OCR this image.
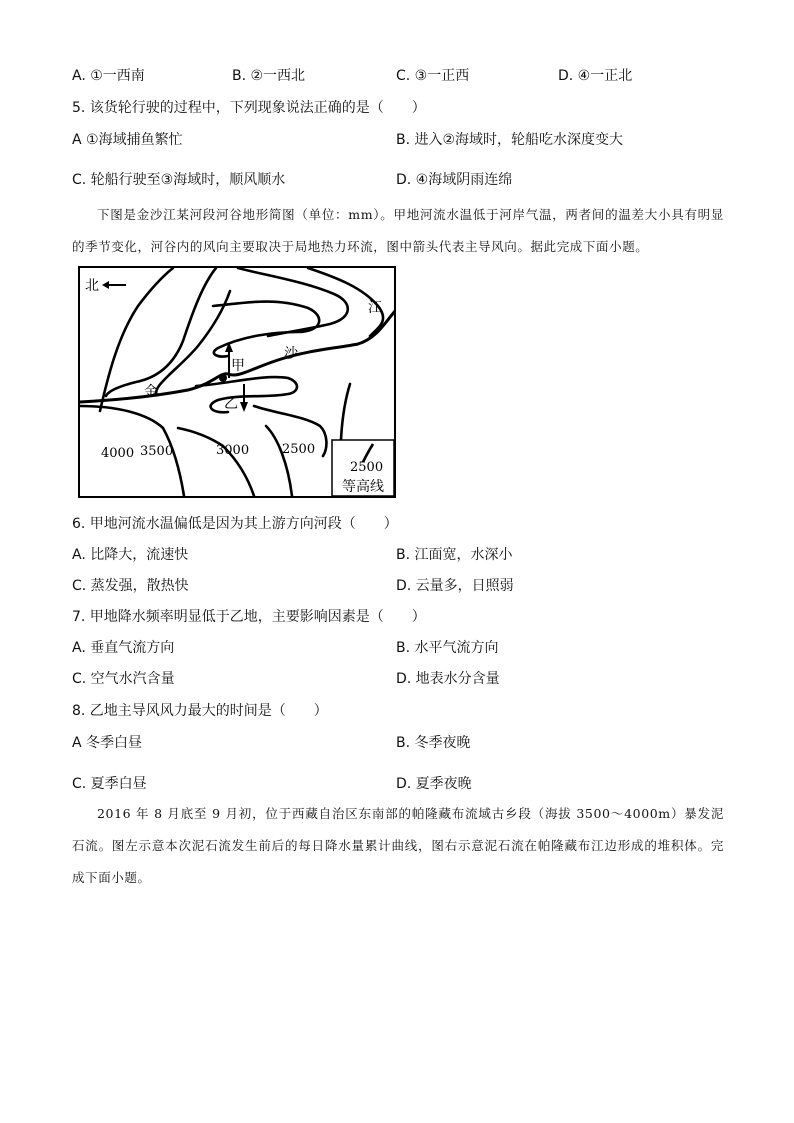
A. ①一西南	B. ②一西北	C. ③一正西	D. ④一正北
5. 该货轮行驶的过程中，下列现象说法正确的是（　　）
A ①海域捕鱼繁忙	B. 进入②海域时，轮船吃水深度变大
C. 轮船行驶至③海域时，顺风顺水	D. ④海域阴雨连绵

下图是金沙江某河段河谷地形简图（单位：mm）。甲地河流水温低于河岸气温，两者间的温差大小具有明显的季节变化，河谷内的风向主要取决于局地热力环流，图中箭头代表主导风向。据此完成下面小题。

北
江
沙
金
甲
乙
4000 3500	3000	2500
2500
等高线
6. 甲地河流水温偏低是因为其上游方向河段（　　）
A. 比降大，流速快	B. 江面宽，水深小
C. 蒸发强，散热快	D. 云量多，日照弱
7. 甲地降水频率明显低于乙地，主要影响因素是（　　）
A. 垂直气流方向	B. 水平气流方向
C. 空气水汽含量	D. 地表水分含量
8. 乙地主导风风力最大的时间是（　　）
A 冬季白昼	B. 冬季夜晚
C. 夏季白昼	D. 夏季夜晚

2016 年 8 月底至 9 月初，位于西藏自治区东南部的帕隆藏布流域古乡段（海拔 3500～4000m）暴发泥石流。图左示意本次泥石流发生前后的每日降水量累计曲线，图右示意泥石流在帕隆藏布江边形成的堆积体。完成下面小题。
